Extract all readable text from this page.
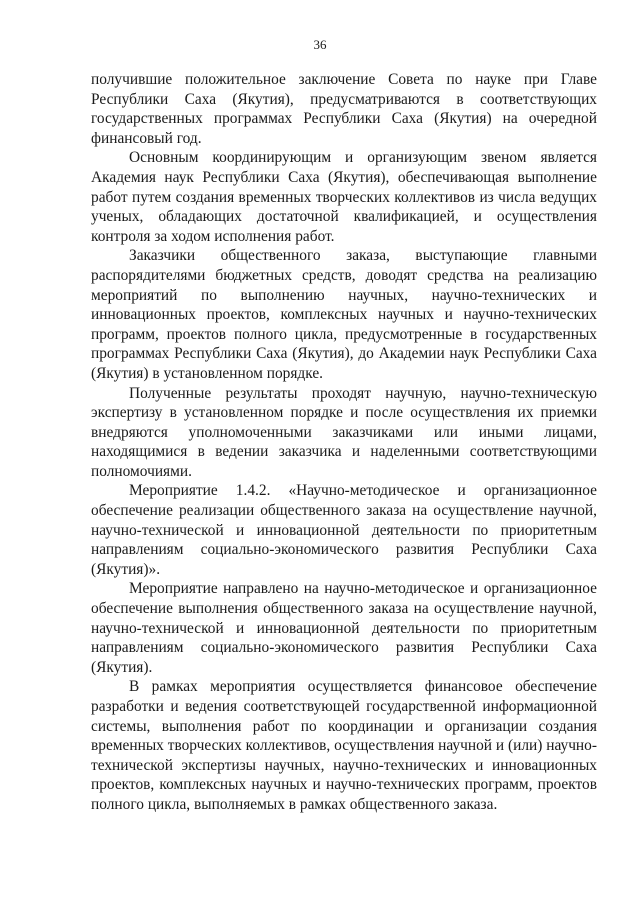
36

получившие положительное заключение Совета по науке при Главе Республики Саха (Якутия), предусматриваются в соответствующих государственных программах Республики Саха (Якутия) на очередной финансовый год.

Основным координирующим и организующим звеном является Академия наук Республики Саха (Якутия), обеспечивающая выполнение работ путем создания временных творческих коллективов из числа ведущих ученых, обладающих достаточной квалификацией, и осуществления контроля за ходом исполнения работ.

Заказчики общественного заказа, выступающие главными распорядителями бюджетных средств, доводят средства на реализацию мероприятий по выполнению научных, научно-технических и инновационных проектов, комплексных научных и научно-технических программ, проектов полного цикла, предусмотренные в государственных программах Республики Саха (Якутия), до Академии наук Республики Саха (Якутия) в установленном порядке.

Полученные результаты проходят научную, научно-техническую экспертизу в установленном порядке и после осуществления их приемки внедряются уполномоченными заказчиками или иными лицами, находящимися в ведении заказчика и наделенными соответствующими полномочиями.

Мероприятие 1.4.2. «Научно-методическое и организационное обеспечение реализации общественного заказа на осуществление научной, научно-технической и инновационной деятельности по приоритетным направлениям социально-экономического развития Республики Саха (Якутия)».

Мероприятие направлено на научно-методическое и организационное обеспечение выполнения общественного заказа на осуществление научной, научно-технической и инновационной деятельности по приоритетным направлениям социально-экономического развития Республики Саха (Якутия).

В рамках мероприятия осуществляется финансовое обеспечение разработки и ведения соответствующей государственной информационной системы, выполнения работ по координации и организации создания временных творческих коллективов, осуществления научной и (или) научно-технической экспертизы научных, научно-технических и инновационных проектов, комплексных научных и научно-технических программ, проектов полного цикла, выполняемых в рамках общественного заказа.
